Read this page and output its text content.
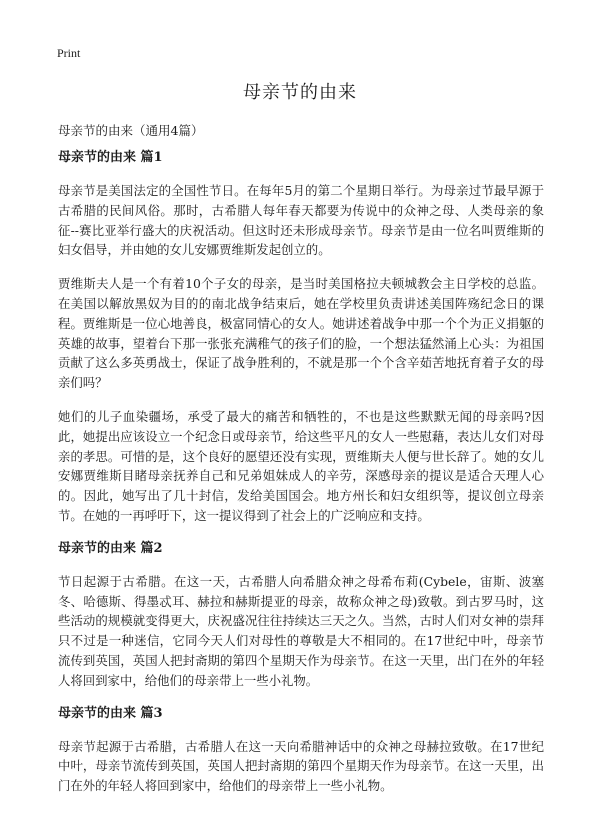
Print
母亲节的由来

母亲节的由来（通用4篇）

母亲节的由来 篇1

母亲节是美国法定的全国性节日。在每年5月的第二个星期日举行。为母亲过节最早源于古希腊的民间风俗。那时，古希腊人每年春天都要为传说中的众神之母、人类母亲的象征--赛比亚举行盛大的庆祝活动。但这时还未形成母亲节。母亲节是由一位名叫贾维斯的妇女倡导，并由她的女儿安娜贾维斯发起创立的。

贾维斯夫人是一个有着10个子女的母亲，是当时美国格拉夫顿城教会主日学校的总监。在美国以解放黑奴为目的的南北战争结束后，她在学校里负责讲述美国阵殇纪念日的课程。贾维斯是一位心地善良，极富同情心的女人。她讲述着战争中那一个个为正义捐躯的英雄的故事，望着台下那一张张充满稚气的孩子们的脸，一个想法猛然涌上心头：为祖国贡献了这么多英勇战士，保证了战争胜利的，不就是那一个个含辛茹苦地抚育着子女的母亲们吗？

她们的儿子血染疆场，承受了最大的痛苦和牺牲的，不也是这些默默无闻的母亲吗?因此，她提出应该设立一个纪念日或母亲节，给这些平凡的女人一些慰藉，表达儿女们对母亲的孝思。可惜的是，这个良好的愿望还没有实现，贾维斯夫人便与世长辞了。她的女儿安娜贾维斯目睹母亲抚养自己和兄弟姐妹成人的辛劳，深感母亲的提议是适合天理人心的。因此，她写出了几十封信，发给美国国会。地方州长和妇女组织等，提议创立母亲节。在她的一再呼吁下，这一提议得到了社会上的广泛响应和支持。

母亲节的由来 篇2

节日起源于古希腊。在这一天，古希腊人向希腊众神之母希布莉(Cybele，宙斯、波塞冬、哈德斯、得墨忒耳、赫拉和赫斯提亚的母亲，故称众神之母)致敬。到古罗马时，这些活动的规模就变得更大，庆祝盛况往往持续达三天之久。当然，古时人们对女神的崇拜只不过是一种迷信，它同今天人们对母性的尊敬是大不相同的。在17世纪中叶，母亲节流传到英国，英国人把封斋期的第四个星期天作为母亲节。在这一天里，出门在外的年轻人将回到家中，给他们的母亲带上一些小礼物。

母亲节的由来 篇3

母亲节起源于古希腊，古希腊人在这一天向希腊神话中的众神之母赫拉致敬。在17世纪中叶，母亲节流传到英国，英国人把封斋期的第四个星期天作为母亲节。在这一天里，出门在外的年轻人将回到家中，给他们的母亲带上一些小礼物。
